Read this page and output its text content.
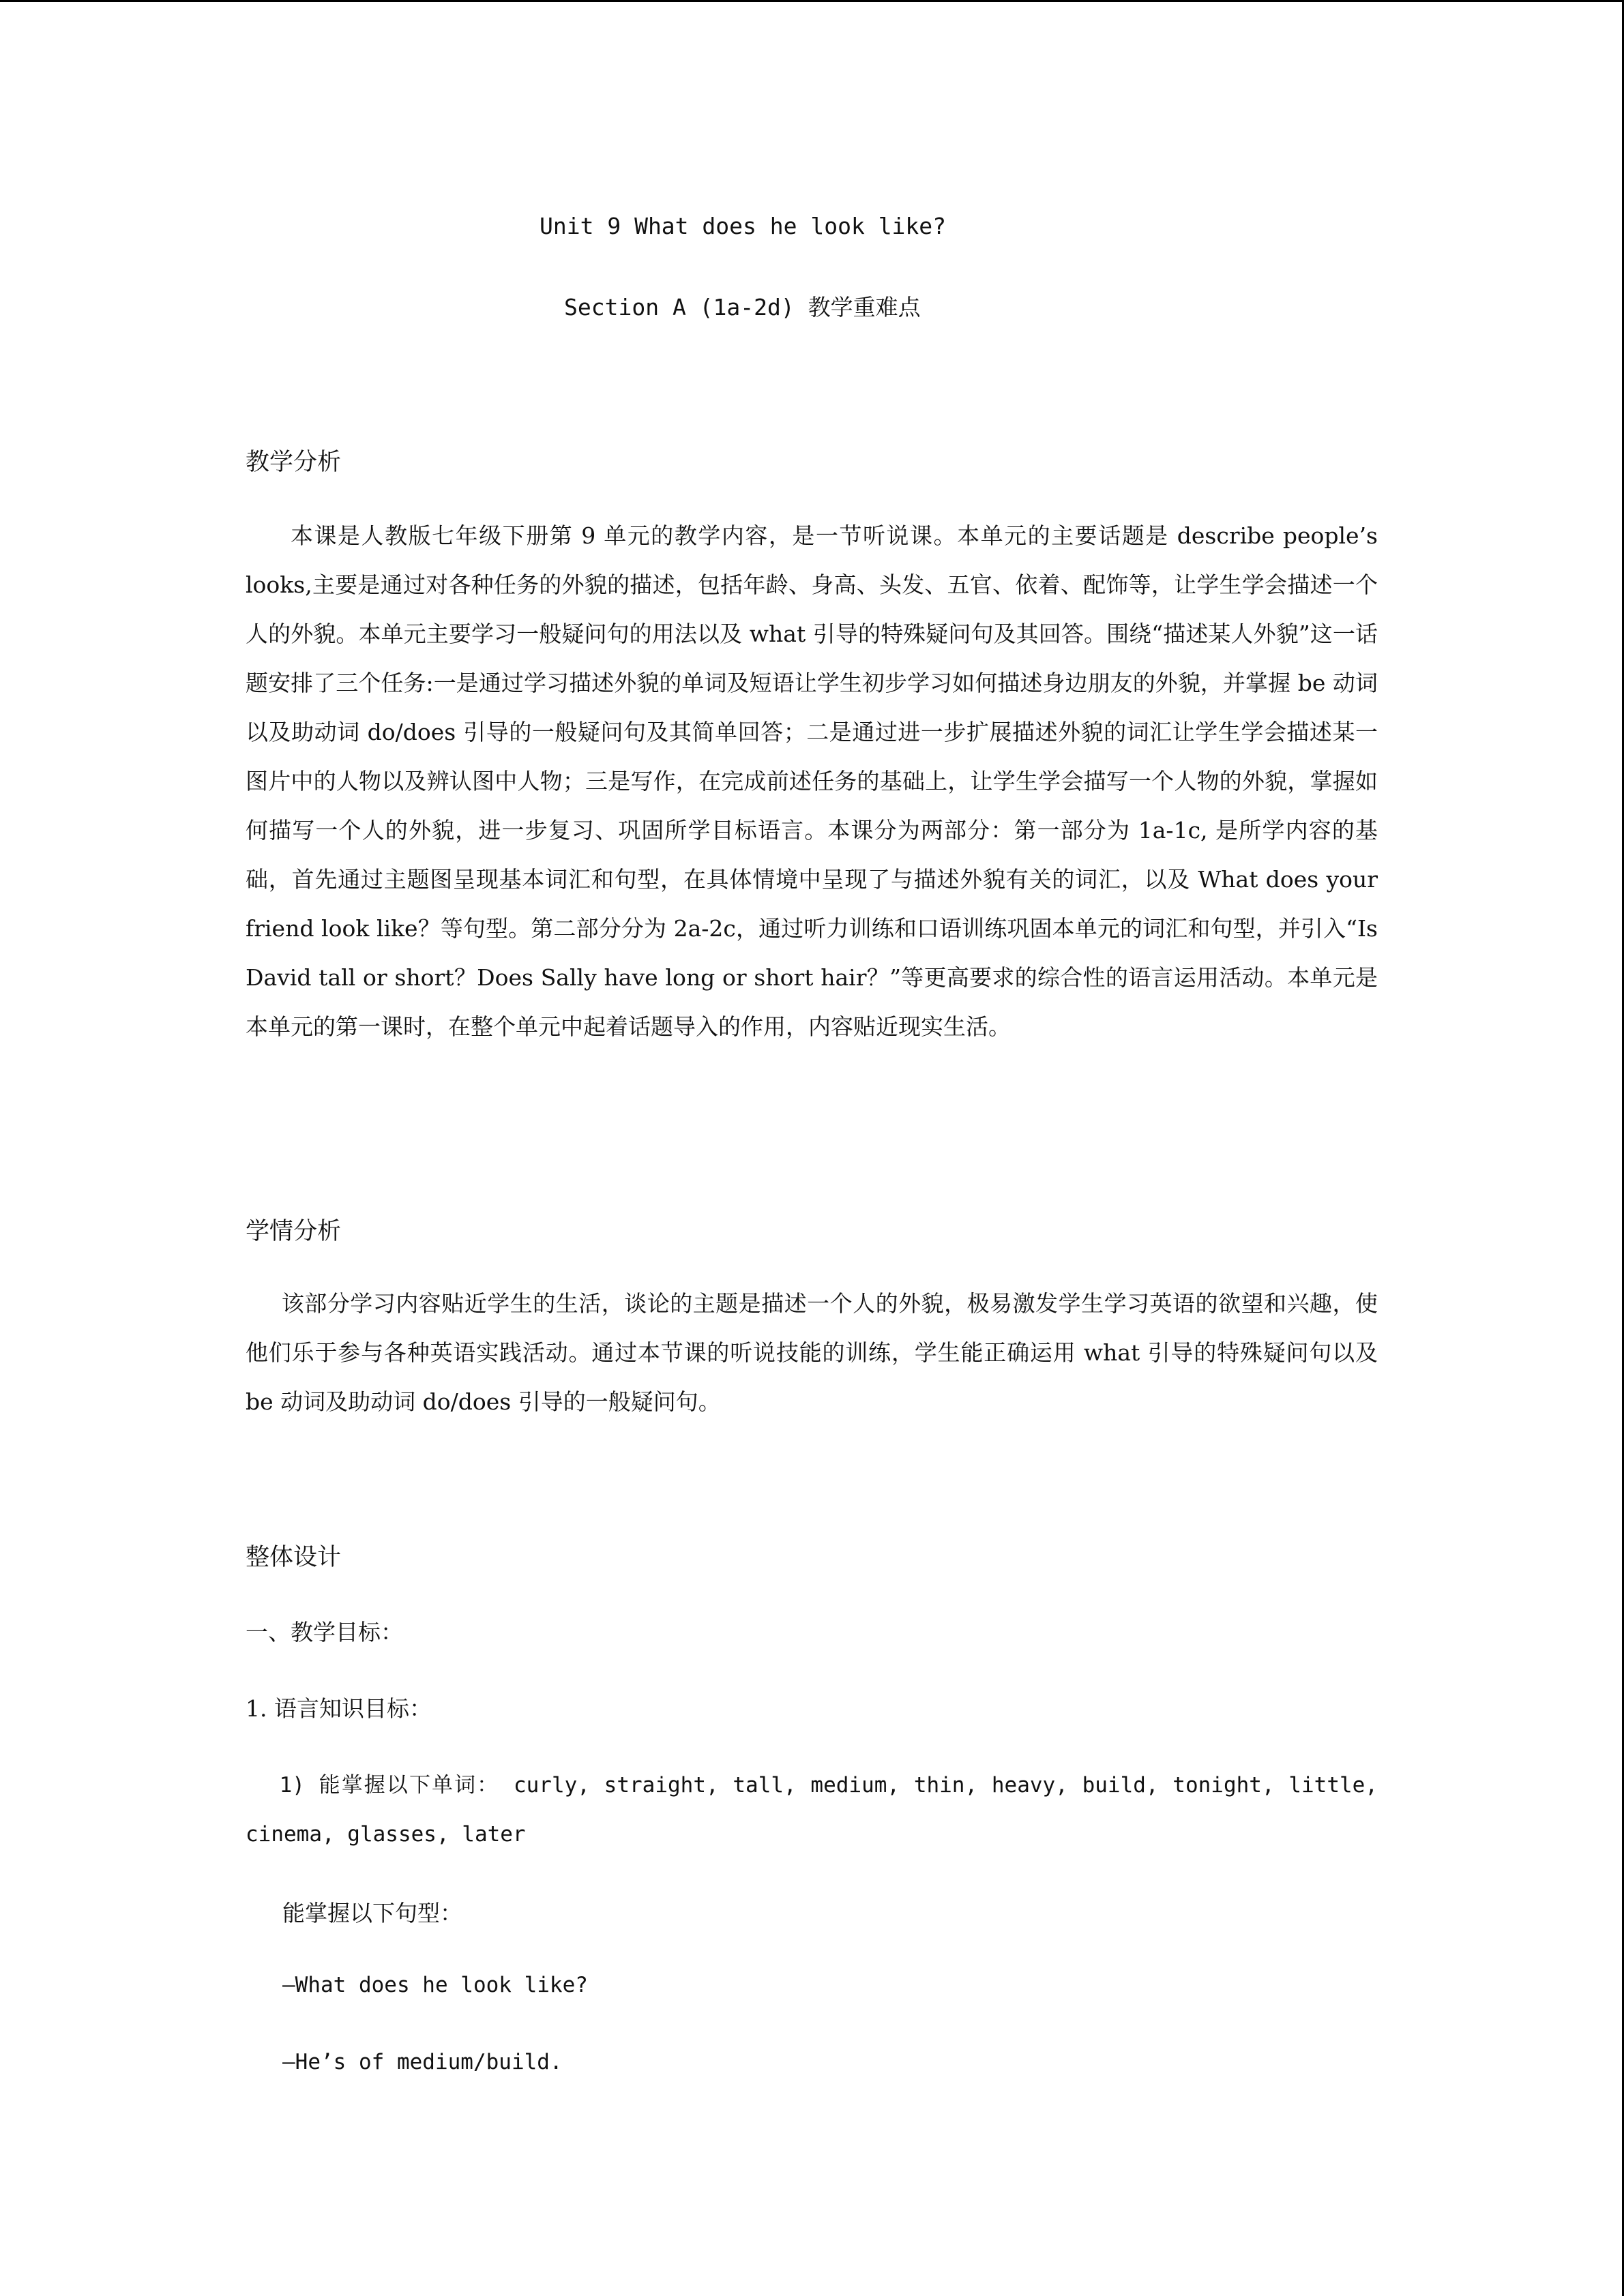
Unit 9 What does he look like?
Section A (1a-2d) 教学重难点
教学分析
本课是人教版七年级下册第 9 单元的教学内容，是一节听说课。本单元的主要话题是 describe people’s looks,主要是通过对各种任务的外貌的描述，包括年龄、身高、头发、五官、依着、配饰等，让学生学会描述一个人的外貌。本单元主要学习一般疑问句的用法以及 what 引导的特殊疑问句及其回答。围绕“描述某人外貌”这一话题安排了三个任务:一是通过学习描述外貌的单词及短语让学生初步学习如何描述身边朋友的外貌，并掌握 be 动词以及助动词 do/does 引导的一般疑问句及其简单回答；二是通过进一步扩展描述外貌的词汇让学生学会描述某一图片中的人物以及辨认图中人物；三是写作，在完成前述任务的基础上，让学生学会描写一个人物的外貌，掌握如何描写一个人的外貌，进一步复习、巩固所学目标语言。本课分为两部分：第一部分为 1a-1c, 是所学内容的基础，首先通过主题图呈现基本词汇和句型，在具体情境中呈现了与描述外貌有关的词汇，以及 What does your friend look like？等句型。第二部分分为 2a-2c，通过听力训练和口语训练巩固本单元的词汇和句型，并引入“Is David tall or short？Does Sally have long or short hair？”等更高要求的综合性的语言运用活动。本单元是本单元的第一课时，在整个单元中起着话题导入的作用，内容贴近现实生活。
学情分析
该部分学习内容贴近学生的生活，谈论的主题是描述一个人的外貌，极易激发学生学习英语的欲望和兴趣，使他们乐于参与各种英语实践活动。通过本节课的听说技能的训练，学生能正确运用 what 引导的特殊疑问句以及 be 动词及助动词 do/does 引导的一般疑问句。
整体设计
一、教学目标：
1. 语言知识目标：
1) 能掌握以下单词： curly, straight, tall, medium, thin, heavy, build, tonight, little, cinema, glasses, later
能掌握以下句型：
—What does he look like?
—He’s of medium/build.
